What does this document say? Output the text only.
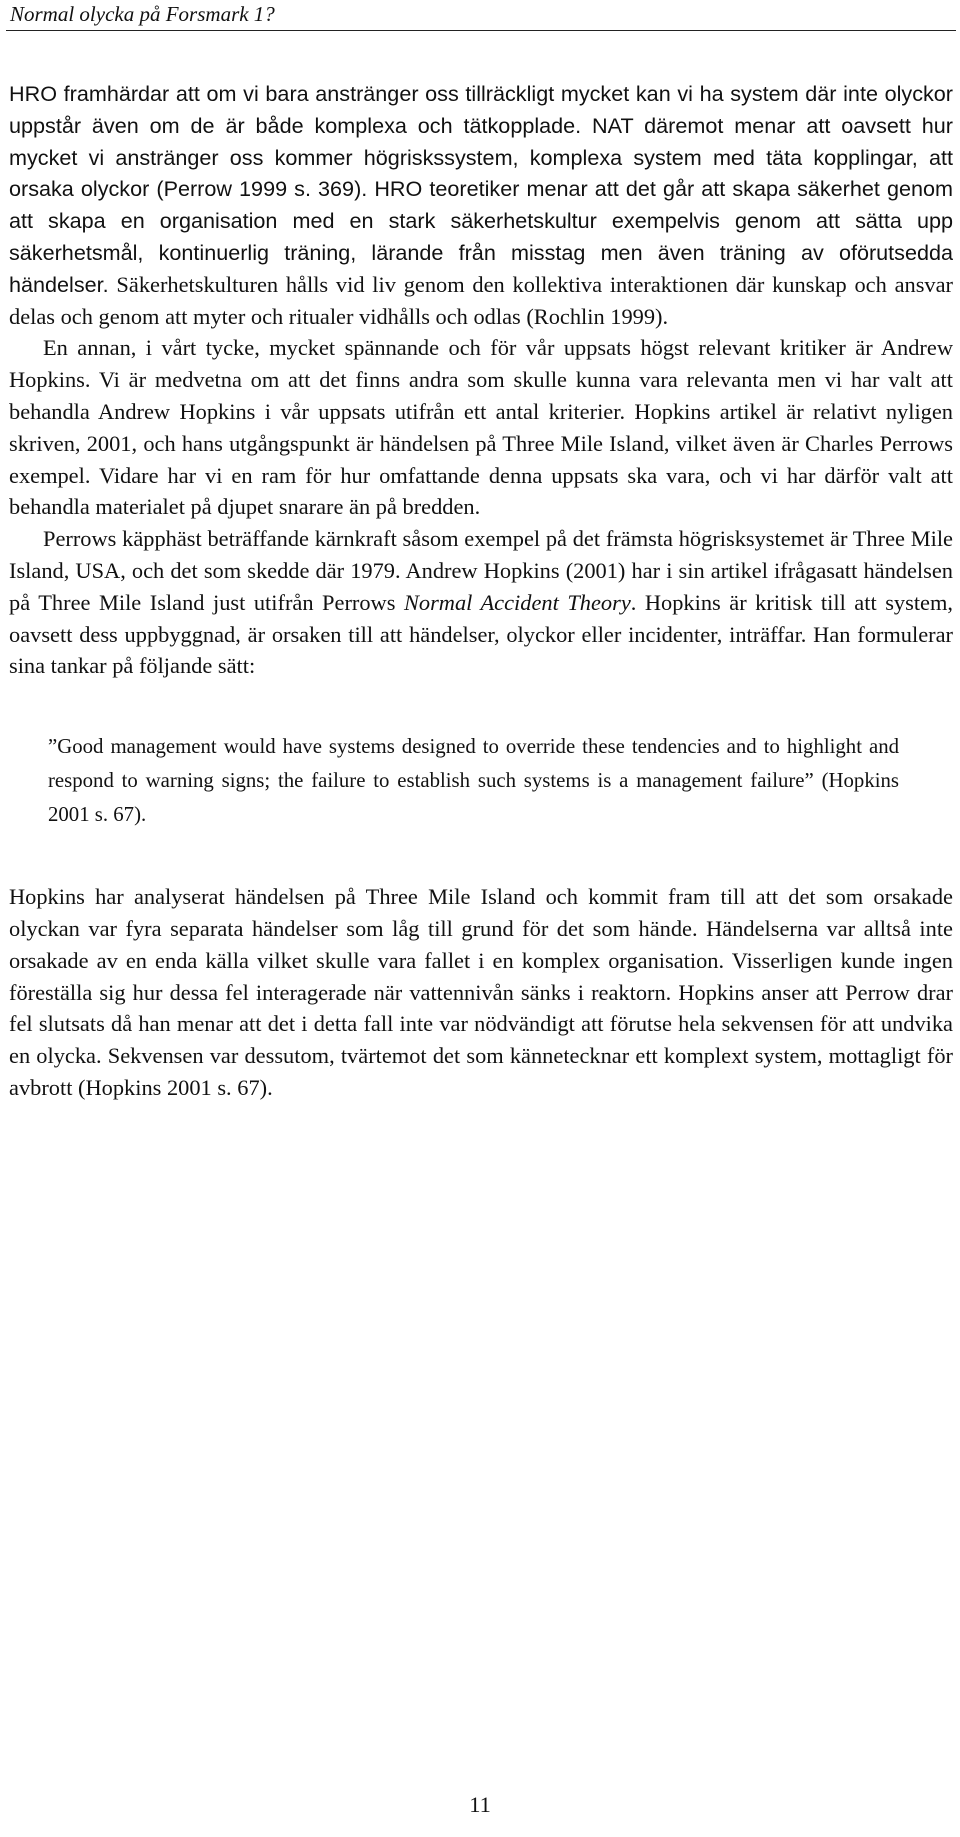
Normal olycka på Forsmark 1?

HRO framhärdar att om vi bara anstränger oss tillräckligt mycket kan vi ha system där inte olyckor uppstår även om de är både komplexa och tätkopplade. NAT däremot menar att oavsett hur mycket vi anstränger oss kommer högriskssystem, komplexa system med täta kopplingar, att orsaka olyckor (Perrow 1999 s. 369). HRO teoretiker menar att det går att skapa säkerhet genom att skapa en organisation med en stark säkerhetskultur exempelvis genom att sätta upp säkerhetsmål, kontinuerlig träning, lärande från misstag men även träning av oförutsedda händelser. Säkerhetskulturen hålls vid liv genom den kollektiva interaktionen där kunskap och ansvar delas och genom att myter och ritualer vidhålls och odlas (Rochlin 1999).

En annan, i vårt tycke, mycket spännande och för vår uppsats högst relevant kritiker är Andrew Hopkins. Vi är medvetna om att det finns andra som skulle kunna vara relevanta men vi har valt att behandla Andrew Hopkins i vår uppsats utifrån ett antal kriterier. Hopkins artikel är relativt nyligen skriven, 2001, och hans utgångspunkt är händelsen på Three Mile Island, vilket även är Charles Perrows exempel. Vidare har vi en ram för hur omfattande denna uppsats ska vara, och vi har därför valt att behandla materialet på djupet snarare än på bredden.

Perrows käpphäst beträffande kärnkraft såsom exempel på det främsta högrisksystemet är Three Mile Island, USA, och det som skedde där 1979. Andrew Hopkins (2001) har i sin artikel ifrågasatt händelsen på Three Mile Island just utifrån Perrows Normal Accident Theory. Hopkins är kritisk till att system, oavsett dess uppbyggnad, är orsaken till att händelser, olyckor eller incidenter, inträffar. Han formulerar sina tankar på följande sätt:

”Good management would have systems designed to override these tendencies and to highlight and respond to warning signs; the failure to establish such systems is a management failure” (Hopkins 2001 s. 67).

Hopkins har analyserat händelsen på Three Mile Island och kommit fram till att det som orsakade olyckan var fyra separata händelser som låg till grund för det som hände. Händelserna var alltså inte orsakade av en enda källa vilket skulle vara fallet i en komplex organisation. Visserligen kunde ingen föreställa sig hur dessa fel interagerade när vattennivån sänks i reaktorn. Hopkins anser att Perrow drar fel slutsats då han menar att det i detta fall inte var nödvändigt att förutse hela sekvensen för att undvika en olycka. Sekvensen var dessutom, tvärtemot det som kännetecknar ett komplext system, mottagligt för avbrott (Hopkins 2001 s. 67).

11
